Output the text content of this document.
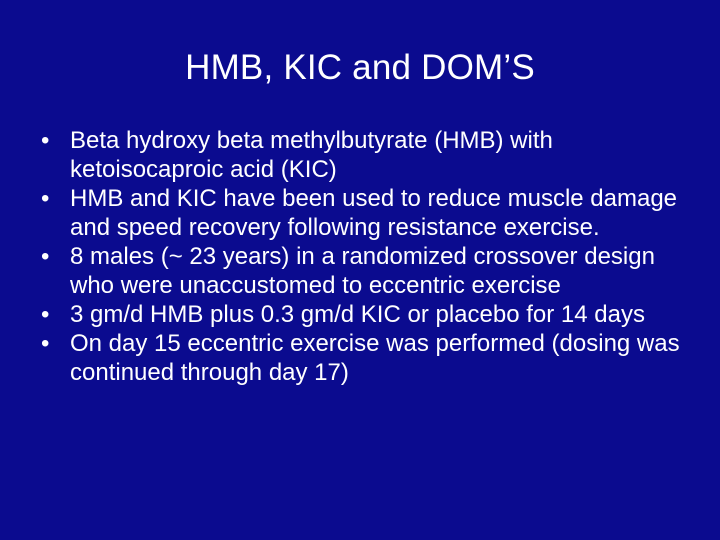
HMB, KIC and DOM’S
• Beta hydroxy beta methylbutyrate (HMB) with ketoisocaproic acid (KIC)
• HMB and KIC have been used to reduce muscle damage and speed recovery following resistance exercise.
• 8 males (~ 23 years) in a randomized crossover design who were unaccustomed to eccentric exercise
• 3 gm/d HMB plus 0.3 gm/d KIC or placebo for 14 days
• On day 15 eccentric exercise was performed (dosing was continued through day 17)
